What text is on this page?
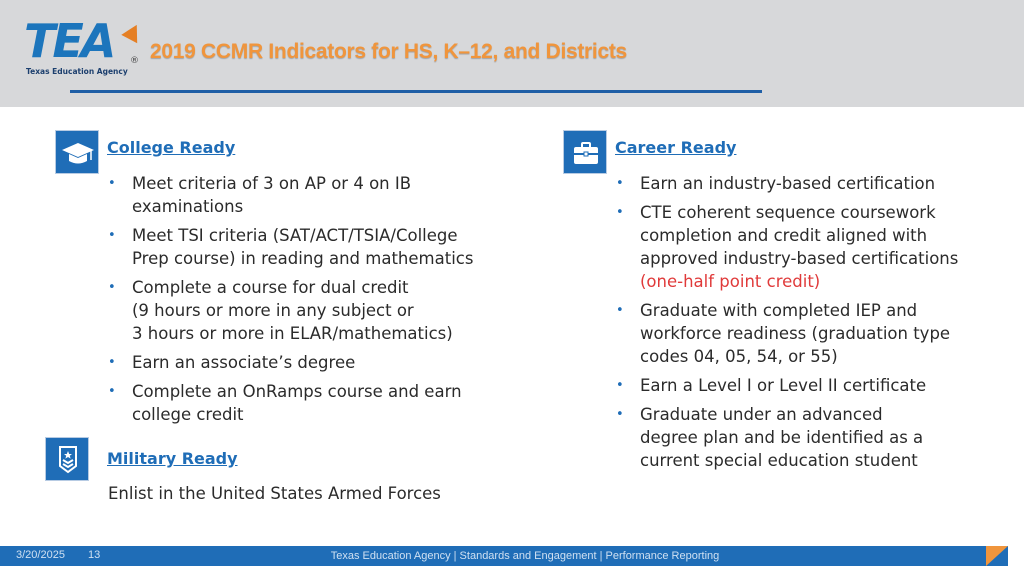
TEA ®
Texas Education Agency
2019 CCMR Indicators for HS, K–12, and Districts
College Ready
• Meet criteria of 3 on AP or 4 on IB
examinations
• Meet TSI criteria (SAT/ACT/TSIA/College
Prep course) in reading and mathematics
• Complete a course for dual credit
(9 hours or more in any subject or
3 hours or more in ELAR/mathematics)
• Earn an associate’s degree
• Complete an OnRamps course and earn
college credit
Military Ready
Enlist in the United States Armed Forces
Career Ready
• Earn an industry-based certification
• CTE coherent sequence coursework
completion and credit aligned with
approved industry-based certifications
(one-half point credit)
• Graduate with completed IEP and
workforce readiness (graduation type
codes 04, 05, 54, or 55)
• Earn a Level I or Level II certificate
• Graduate under an advanced
degree plan and be identified as a
current special education student
3/20/2025 13	Texas Education Agency | Standards and Engagement | Performance Reporting
